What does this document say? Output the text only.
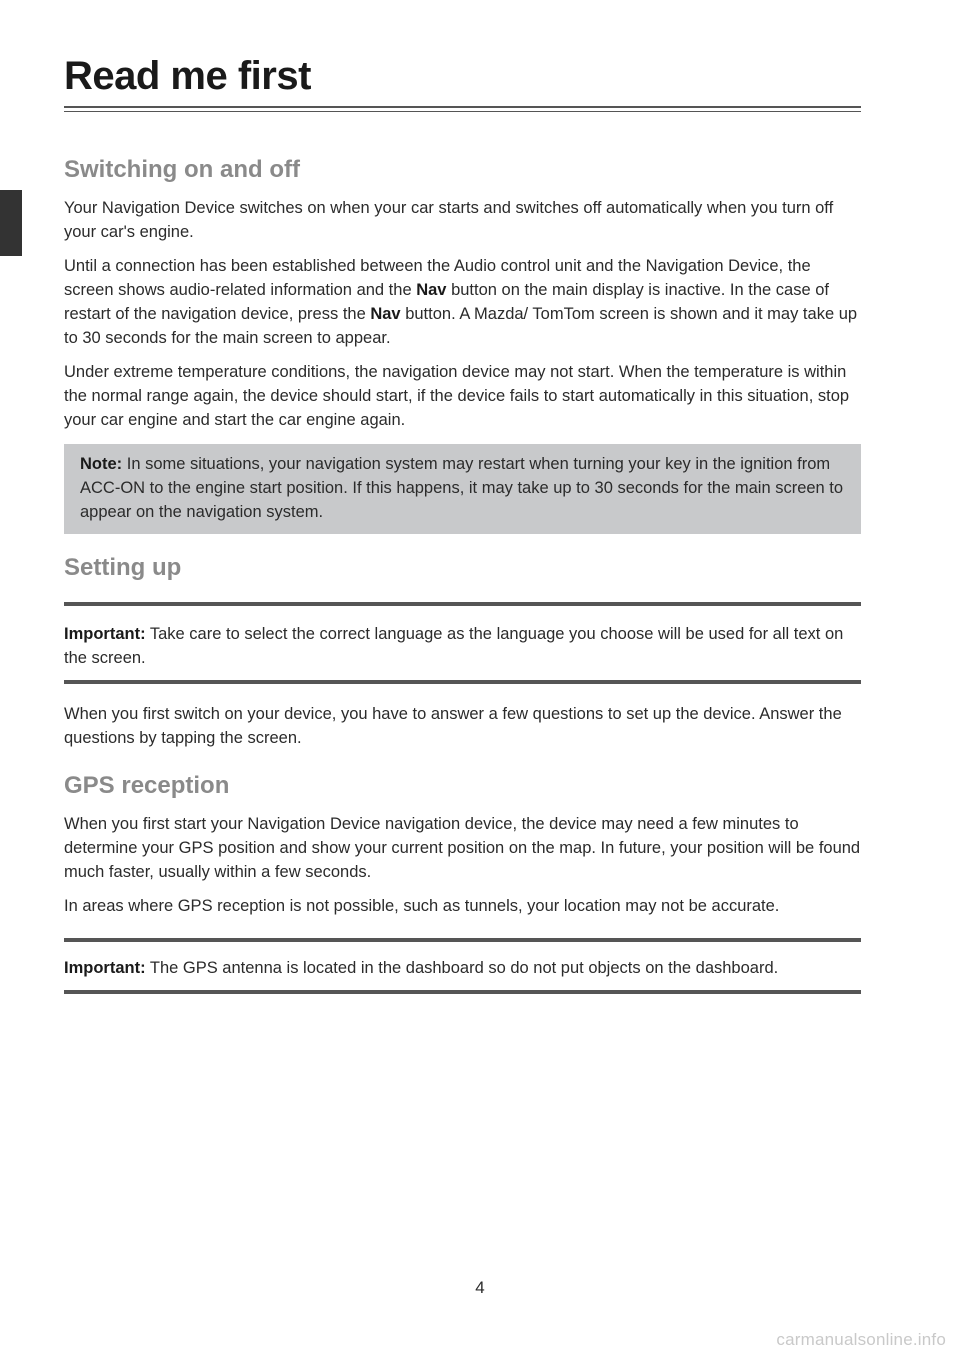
Read me first
Switching on and off

Your Navigation Device switches on when your car starts and switches off automatically when you turn off your car's engine.

Until a connection has been established between the Audio control unit and the Navigation Device, the screen shows audio-related information and the Nav button on the main display is inactive. In the case of restart of the navigation device, press the Nav button. A Mazda/ TomTom screen is shown and it may take up to 30 seconds for the main screen to appear.

Under extreme temperature conditions, the navigation device may not start. When the temperature is within the normal range again, the device should start, if the device fails to start automatically in this situation, stop your car engine and start the car engine again.

Note: In some situations, your navigation system may restart when turning your key in the ignition from ACC-ON to the engine start position. If this happens, it may take up to 30 seconds for the main screen to appear on the navigation system.

Setting up

Important: Take care to select the correct language as the language you choose will be used for all text on the screen.

When you first switch on your device, you have to answer a few questions to set up the device. Answer the questions by tapping the screen.

GPS reception

When you first start your Navigation Device navigation device, the device may need a few minutes to determine your GPS position and show your current position on the map. In future, your position will be found much faster, usually within a few seconds.

In areas where GPS reception is not possible, such as tunnels, your location may not be accurate.

Important: The GPS antenna is located in the dashboard so do not put objects on the dashboard.

4
carmanualsonline.info
